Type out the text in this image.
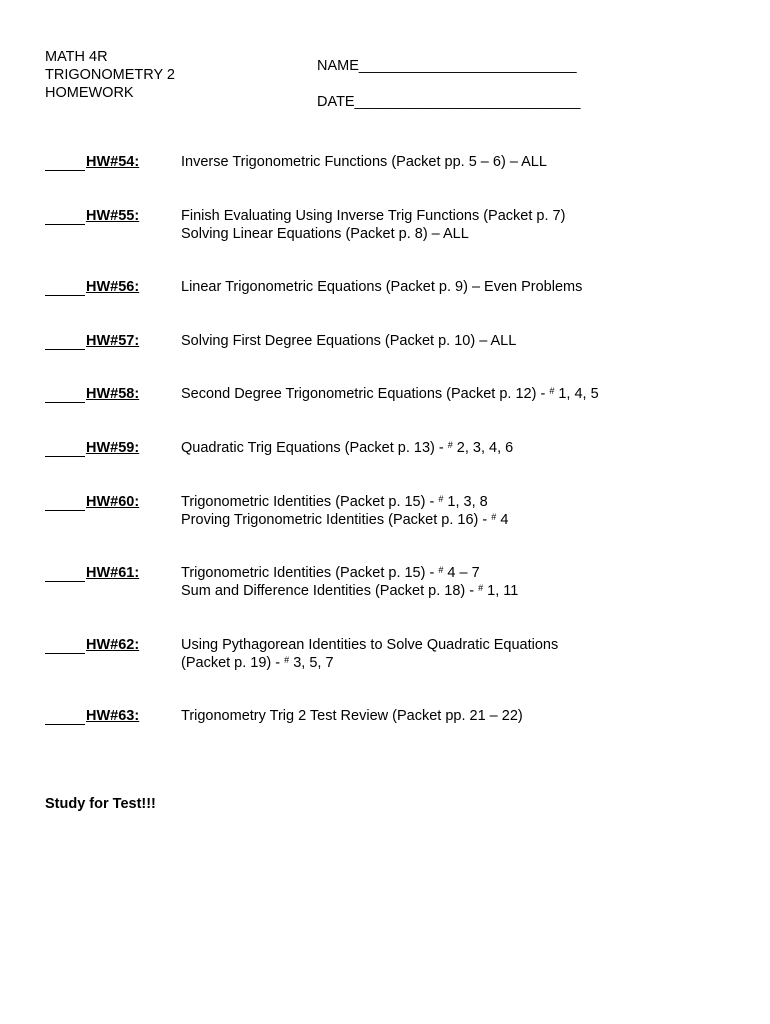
MATH 4R
TRIGONOMETRY 2
HOMEWORK
NAME___________________________
DATE____________________________
HW#54:	Inverse Trigonometric Functions (Packet pp. 5 – 6) – ALL
HW#55:	Finish Evaluating Using Inverse Trig Functions (Packet p. 7)
Solving Linear Equations (Packet p. 8) – ALL
HW#56:	Linear Trigonometric Equations (Packet p. 9) – Even Problems
HW#57:	Solving First Degree Equations (Packet p. 10) – ALL
HW#58:	Second Degree Trigonometric Equations (Packet p. 12) - # 1, 4, 5
HW#59:	Quadratic Trig Equations (Packet p. 13) - # 2, 3, 4, 6
HW#60:	Trigonometric Identities (Packet p. 15) - # 1, 3, 8
Proving Trigonometric Identities (Packet p. 16) - # 4
HW#61:	Trigonometric Identities (Packet p. 15) - # 4 – 7
Sum and Difference Identities (Packet p. 18) - # 1, 11
HW#62:	Using Pythagorean Identities to Solve Quadratic Equations
(Packet p. 19) - # 3, 5, 7
HW#63:	Trigonometry Trig 2 Test Review (Packet pp. 21 – 22)
Study for Test!!!
